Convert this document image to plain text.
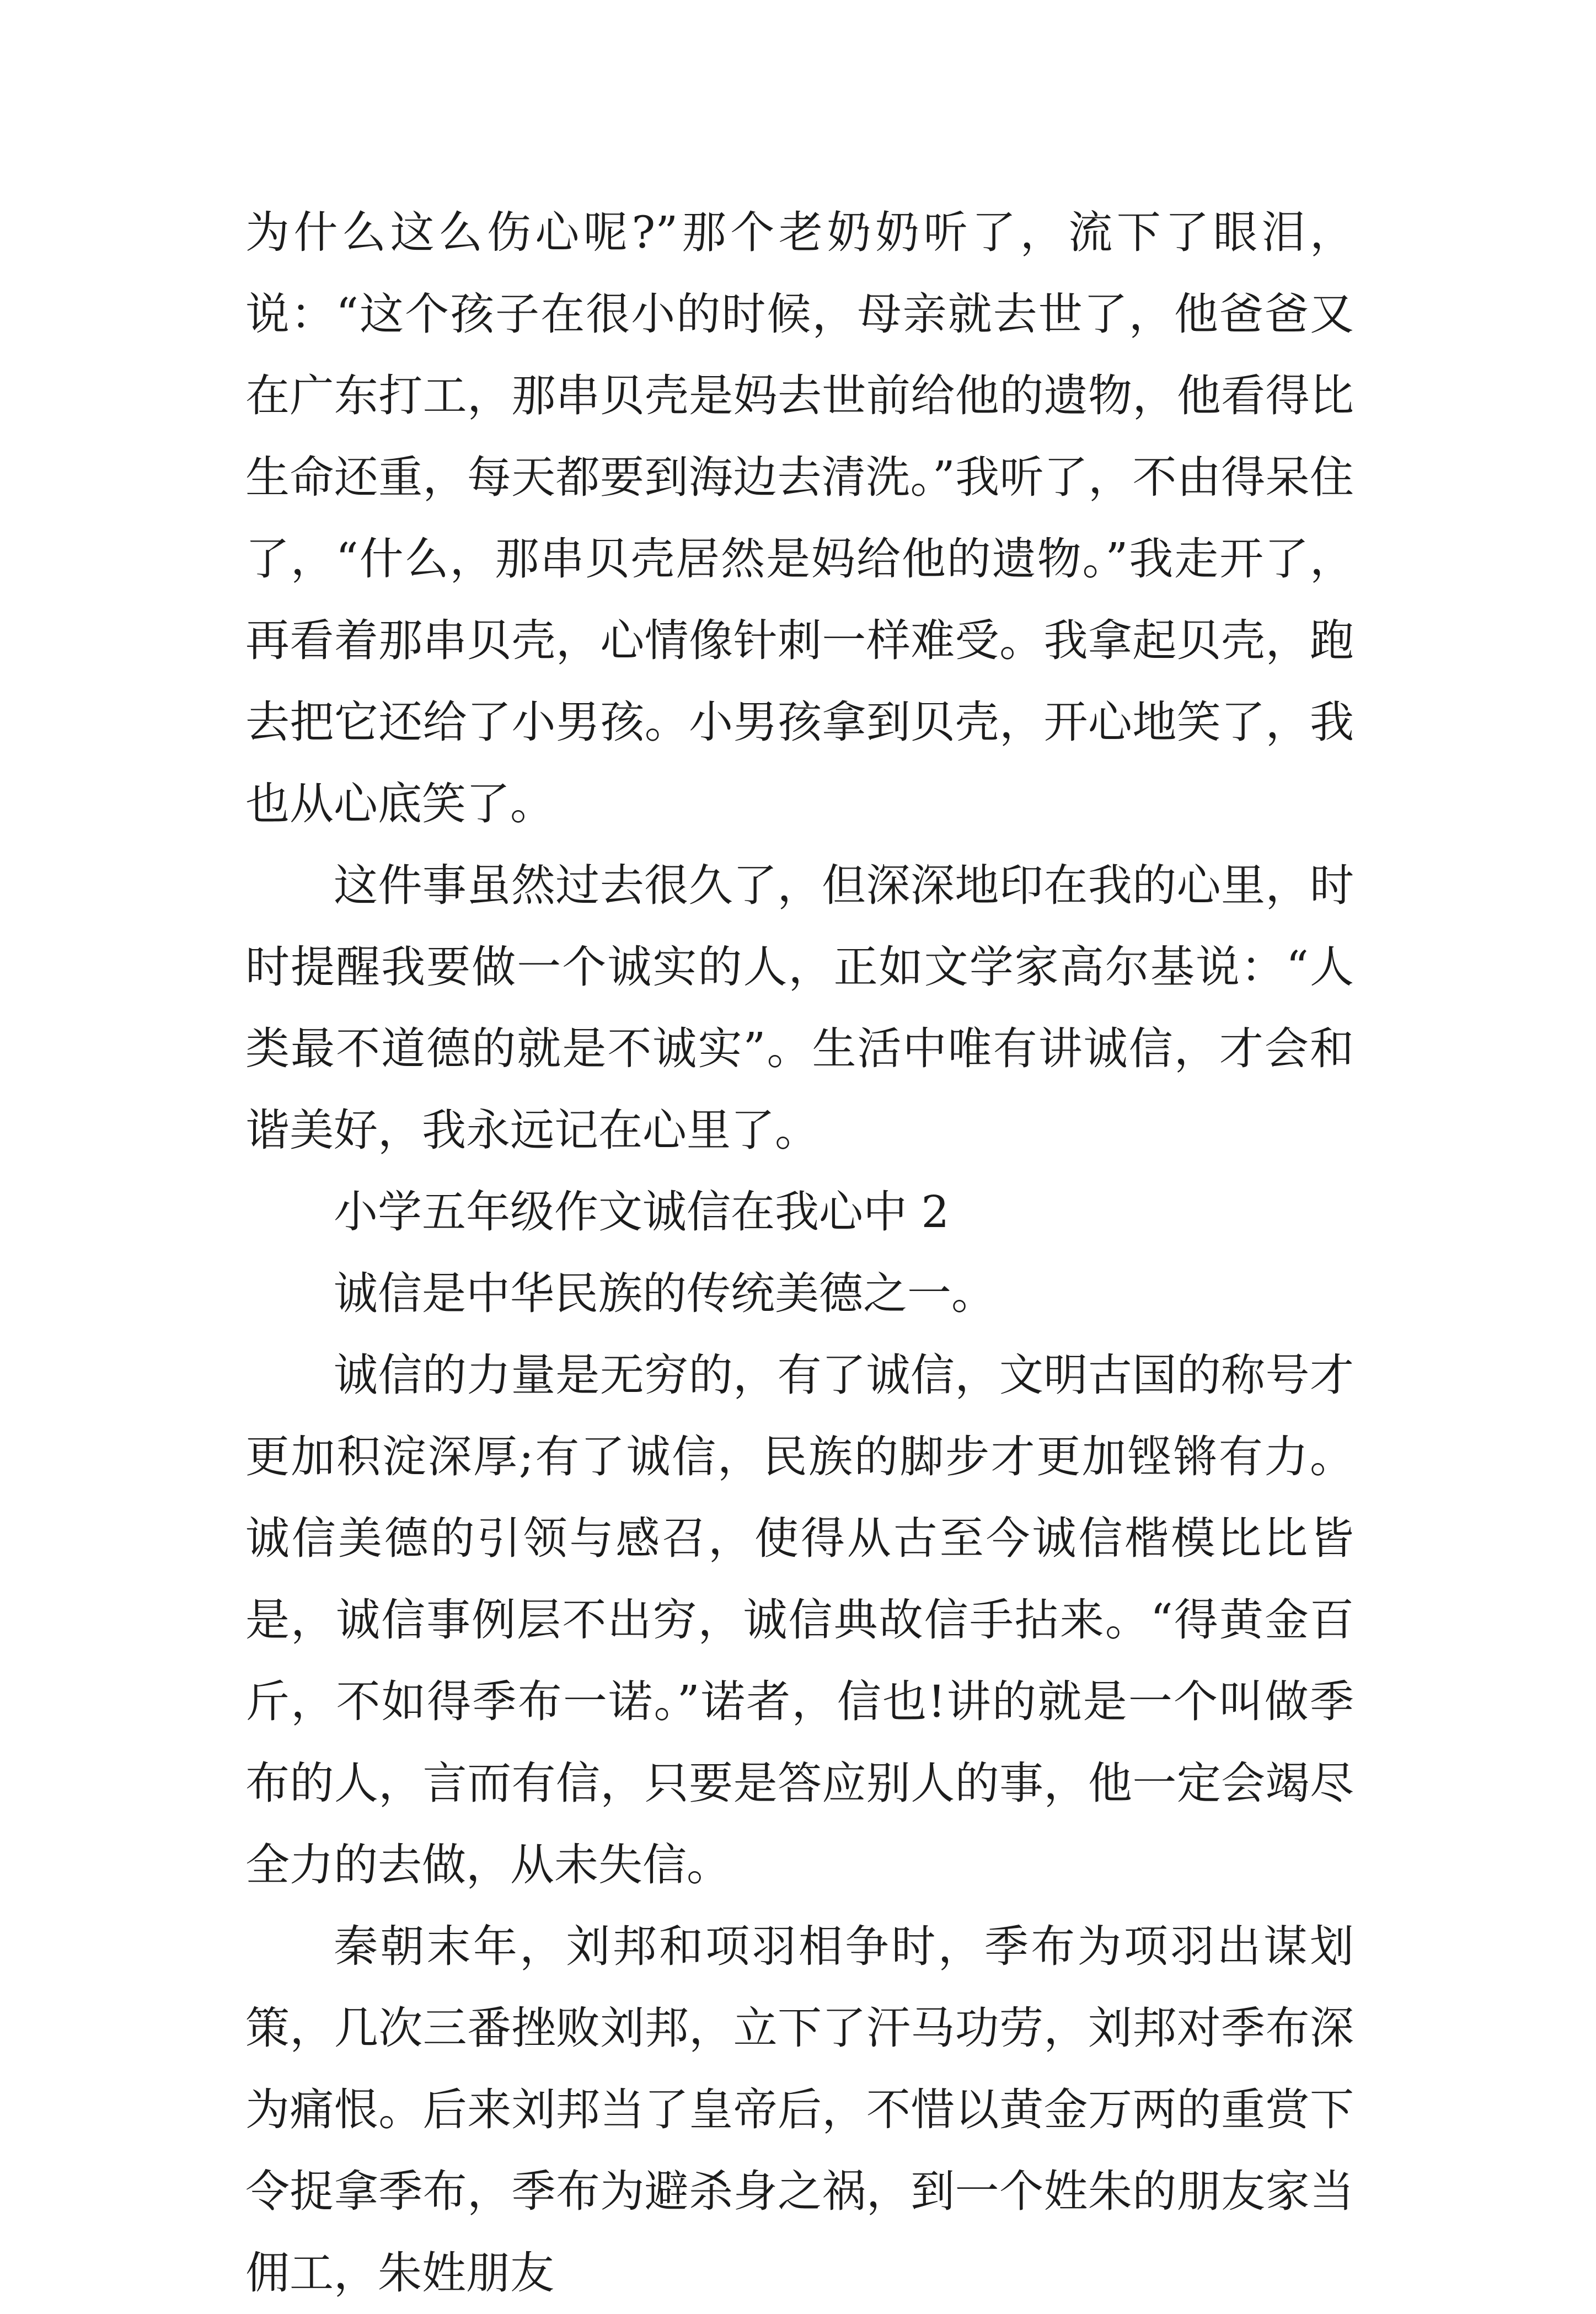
为什么这么伤心呢?”那个老奶奶听了，流下了眼泪，说：“这个孩子在很小的时候，母亲就去世了，他爸爸又在广东打工，那串贝壳是妈去世前给他的遗物，他看得比生命还重，每天都要到海边去清洗。”我听了，不由得呆住了，“什么，那串贝壳居然是妈给他的遗物。”我走开了，再看着那串贝壳，心情像针刺一样难受。我拿起贝壳，跑去把它还给了小男孩。小男孩拿到贝壳，开心地笑了，我也从心底笑了。

这件事虽然过去很久了，但深深地印在我的心里，时时提醒我要做一个诚实的人，正如文学家高尔基说：“人类最不道德的就是不诚实”。生活中唯有讲诚信，才会和谐美好，我永远记在心里了。

小学五年级作文诚信在我心中 2

诚信是中华民族的传统美德之一。

诚信的力量是无穷的，有了诚信，文明古国的称号才更加积淀深厚;有了诚信，民族的脚步才更加铿锵有力。诚信美德的引领与感召，使得从古至今诚信楷模比比皆是，诚信事例层不出穷，诚信典故信手拈来。“得黄金百斤，不如得季布一诺。”诺者，信也!讲的就是一个叫做季布的人，言而有信，只要是答应别人的事，他一定会竭尽全力的去做，从未失信。

秦朝末年，刘邦和项羽相争时，季布为项羽出谋划策，几次三番挫败刘邦，立下了汗马功劳，刘邦对季布深为痛恨。后来刘邦当了皇帝后，不惜以黄金万两的重赏下令捉拿季布，季布为避杀身之祸，到一个姓朱的朋友家当佣工，朱姓朋友
